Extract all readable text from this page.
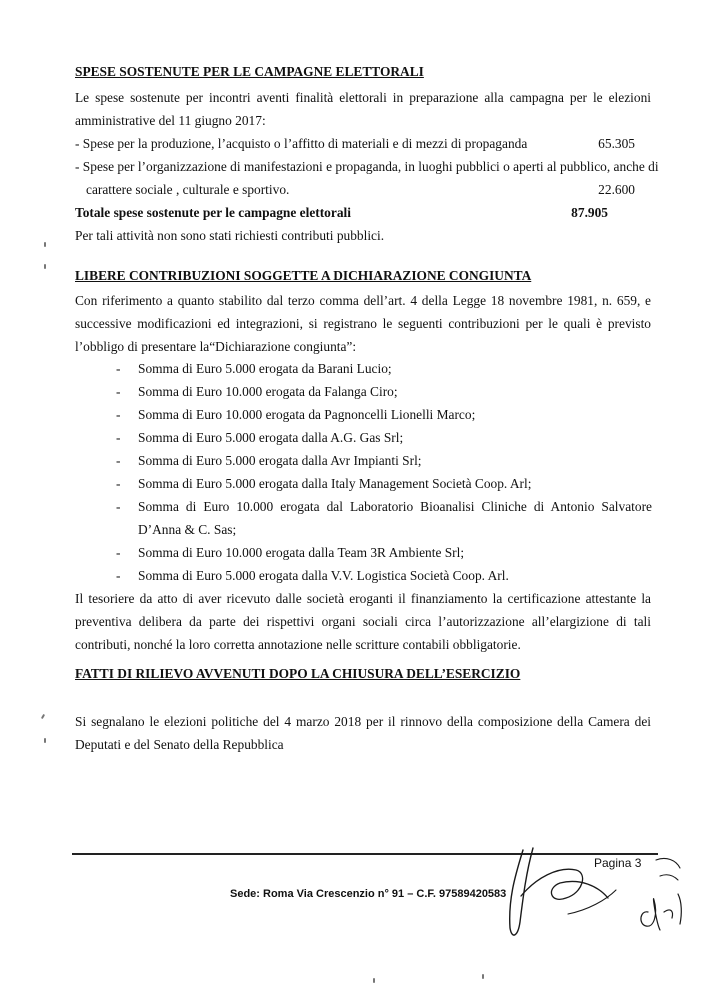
SPESE SOSTENUTE PER LE CAMPAGNE ELETTORALI
Le spese sostenute per incontri aventi finalità elettorali in preparazione alla campagna per le elezioni amministrative del 11 giugno 2017:
- Spese per la produzione, l’acquisto o l’affitto di materiali e di mezzi di propaganda	65.305
- Spese per l’organizzazione di manifestazioni e propaganda, in luoghi pubblici o aperti al pubblico, anche di
carattere sociale , culturale e sportivo.	22.600
Totale spese sostenute per le campagne elettorali	87.905
Per tali attività non sono stati richiesti contributi pubblici.
LIBERE CONTRIBUZIONI SOGGETTE A DICHIARAZIONE CONGIUNTA
Con riferimento a quanto stabilito dal terzo comma dell’art. 4 della Legge 18 novembre 1981, n. 659, e successive modificazioni ed integrazioni, si registrano le seguenti contribuzioni per le quali è previsto l’obbligo di presentare la“Dichiarazione congiunta”:
- Somma di Euro 5.000 erogata da Barani Lucio;
- Somma di Euro 10.000 erogata da Falanga Ciro;
- Somma di Euro 10.000 erogata da Pagnoncelli Lionelli Marco;
- Somma di Euro 5.000 erogata dalla A.G. Gas Srl;
- Somma di Euro 5.000 erogata dalla Avr Impianti Srl;
- Somma di Euro 5.000 erogata dalla Italy Management Società Coop. Arl;
- Somma di Euro 10.000 erogata dal Laboratorio Bioanalisi Cliniche di Antonio Salvatore D’Anna & C. Sas;
- Somma di Euro 10.000 erogata dalla Team 3R Ambiente Srl;
- Somma di Euro 5.000 erogata dalla V.V. Logistica Società Coop. Arl.
Il tesoriere da atto di aver ricevuto dalle società eroganti il finanziamento la certificazione attestante la preventiva delibera da parte dei rispettivi organi sociali circa l’autorizzazione all’elargizione di tali contributi, nonché la loro corretta annotazione nelle scritture contabili obbligatorie.
FATTI DI RILIEVO AVVENUTI DOPO LA CHIUSURA DELL’ESERCIZIO
Si segnalano le elezioni politiche del 4 marzo 2018 per il rinnovo della composizione della Camera dei Deputati e del Senato della Repubblica
Pagina 3
Sede: Roma Via Crescenzio n° 91 – C.F. 97589420583
